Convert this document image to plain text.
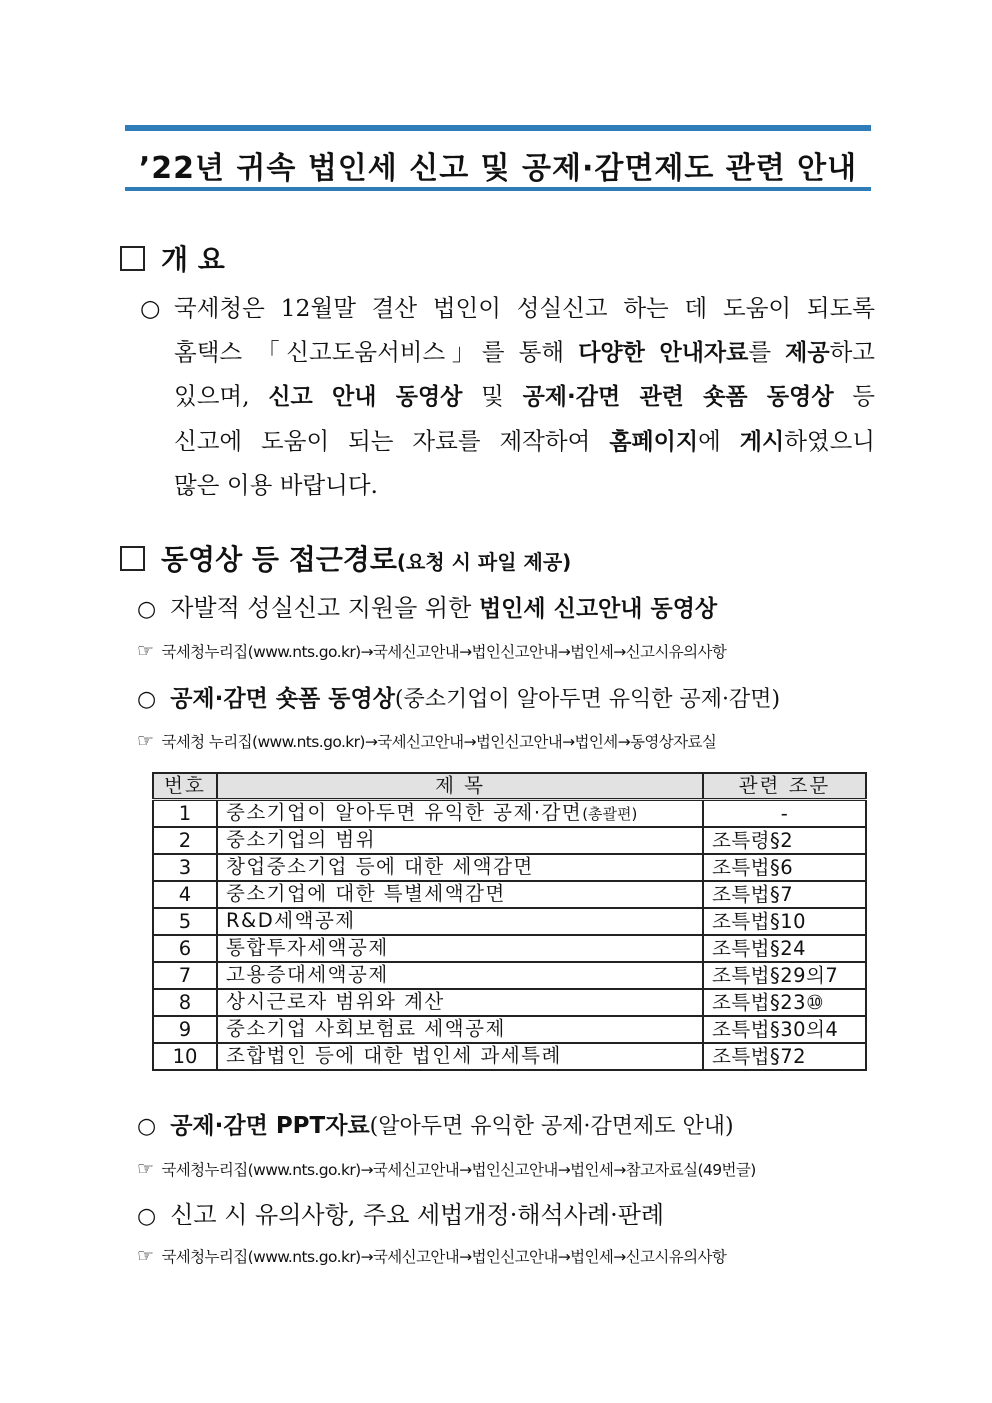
’22년 귀속 법인세 신고 및 공제·감면제도 관련 안내
개 요
○ 국세청은 12월말 결산 법인이 성실신고 하는 데 도움이 되도록
홈택스 「신고도움서비스」를 통해 다양한 안내자료를 제공하고
있으며, 신고 안내 동영상 및 공제·감면 관련 숏폼 동영상 등
신고에 도움이 되는 자료를 제작하여 홈페이지에 게시하였으니
많은 이용 바랍니다.
동영상 등 접근경로(요청 시 파일 제공)
○ 자발적 성실신고 지원을 위한 법인세 신고안내 동영상
☞ 국세청누리집(www.nts.go.kr)→국세신고안내→법인신고안내→법인세→신고시유의사항
○ 공제·감면 숏폼 동영상(중소기업이 알아두면 유익한 공제·감면)
☞ 국세청 누리집(www.nts.go.kr)→국세신고안내→법인신고안내→법인세→동영상자료실
번호	제 목	관련 조문
1	중소기업이 알아두면 유익한 공제·감면(총괄편)	-
2	중소기업의 범위	조특령§2
3	창업중소기업 등에 대한 세액감면	조특법§6
4	중소기업에 대한 특별세액감면	조특법§7
5	R&D세액공제	조특법§10
6	통합투자세액공제	조특법§24
7	고용증대세액공제	조특법§29의7
8	상시근로자 범위와 계산	조특법§23⑩
9	중소기업 사회보험료 세액공제	조특법§30의4
10	조합법인 등에 대한 법인세 과세특례	조특법§72
○ 공제·감면 PPT자료(알아두면 유익한 공제·감면제도 안내)
☞ 국세청누리집(www.nts.go.kr)→국세신고안내→법인신고안내→법인세→참고자료실(49번글)
○ 신고 시 유의사항, 주요 세법개정·해석사례·판례
☞ 국세청누리집(www.nts.go.kr)→국세신고안내→법인신고안내→법인세→신고시유의사항
